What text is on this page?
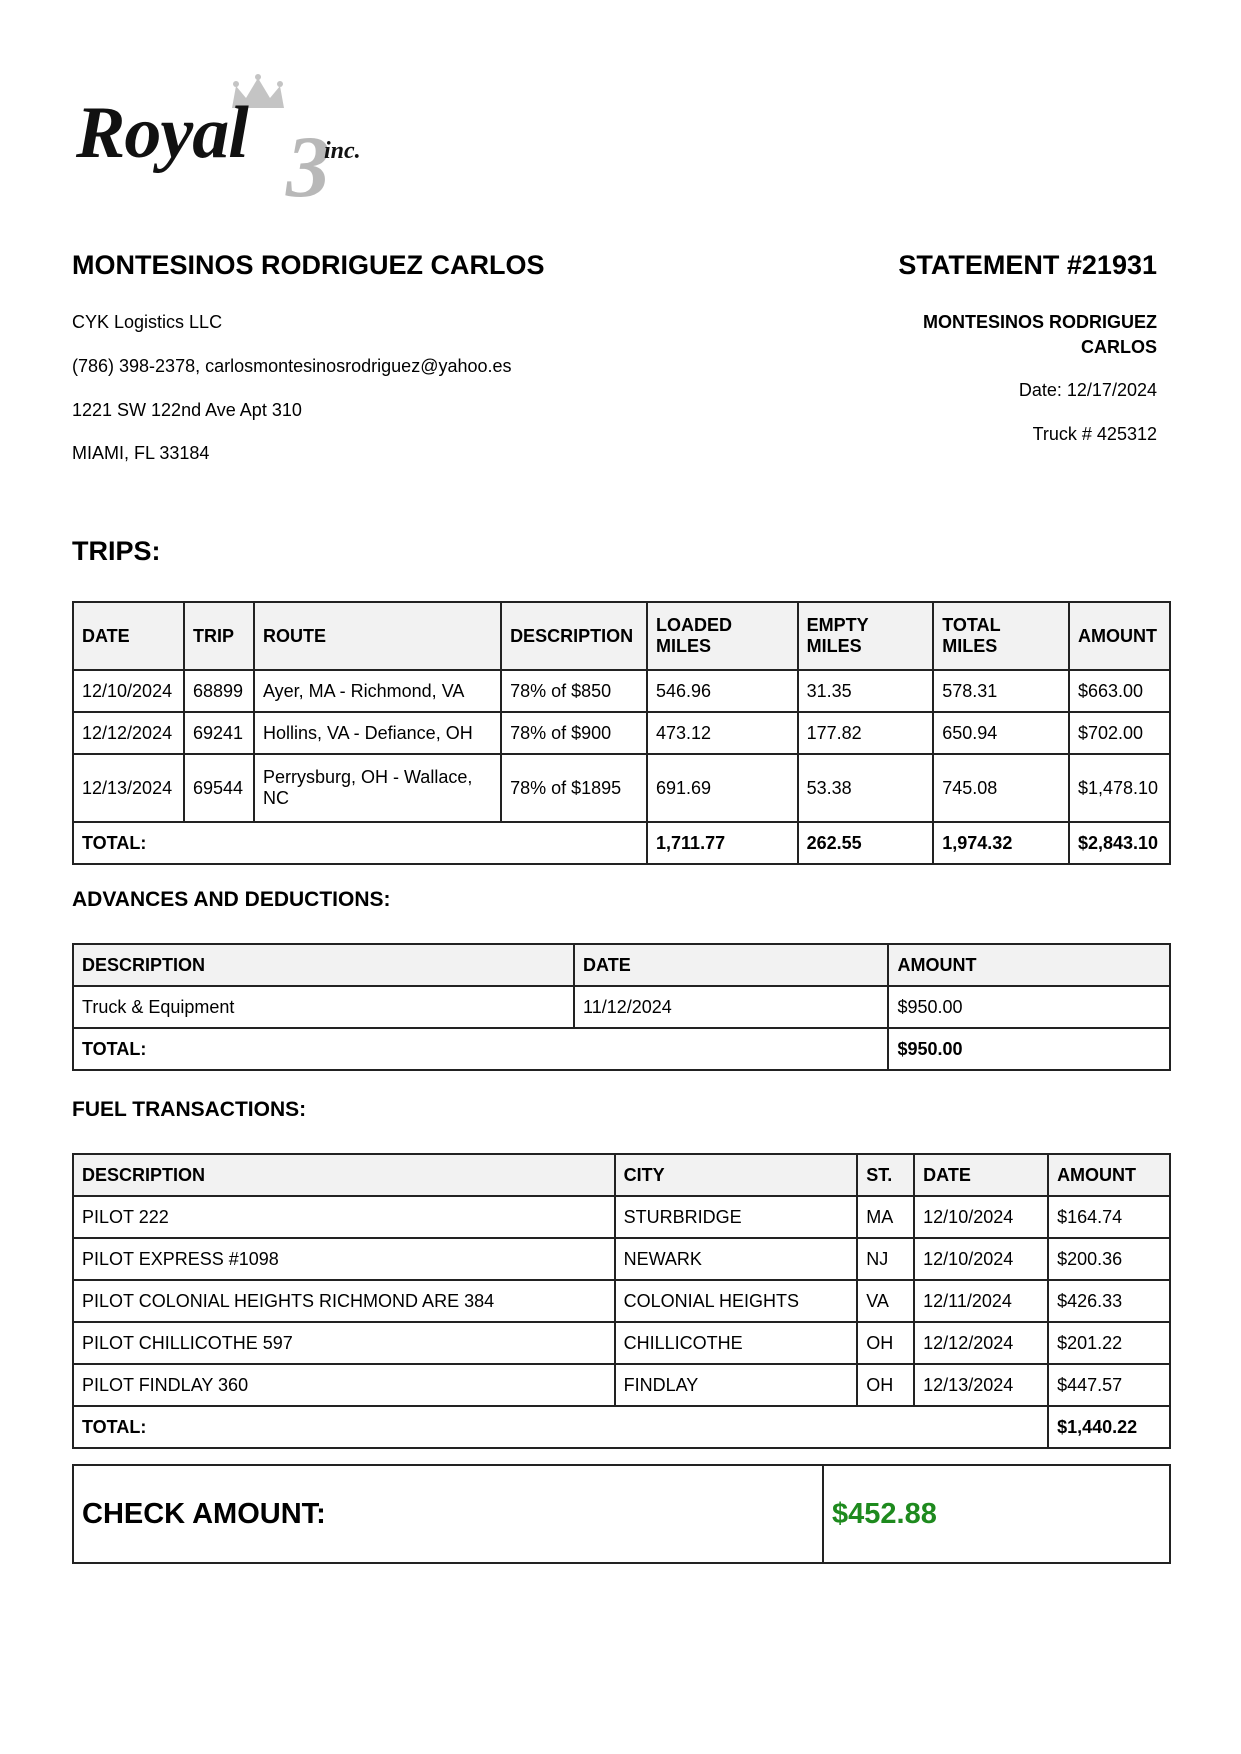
3
Royal	inc.
MONTESINOS RODRIGUEZ CARLOS	STATEMENT #21931
CYK Logistics LLC
(786) 398-2378, carlosmontesinosrodriguez@yahoo.es
1221 SW 122nd Ave Apt 310
MIAMI, FL 33184
MONTESINOS RODRIGUEZ
CARLOS
Date: 12/17/2024
Truck # 425312
TRIPS:
DATE	TRIP	ROUTE	DESCRIPTION	LOADED MILES	EMPTY MILES	TOTAL MILES	AMOUNT
12/10/2024	68899	Ayer, MA - Richmond, VA	78% of $850	546.96	31.35	578.31	$663.00
12/12/2024	69241	Hollins, VA - Defiance, OH	78% of $900	473.12	177.82	650.94	$702.00
12/13/2024	69544	Perrysburg, OH - Wallace, NC	78% of $1895	691.69	53.38	745.08	$1,478.10
TOTAL:				1,711.77	262.55	1,974.32	$2,843.10
ADVANCES AND DEDUCTIONS:
DESCRIPTION	DATE	AMOUNT
Truck & Equipment	11/12/2024	$950.00
TOTAL:		$950.00
FUEL TRANSACTIONS:
DESCRIPTION	CITY	ST.	DATE	AMOUNT
PILOT 222	STURBRIDGE	MA	12/10/2024	$164.74
PILOT EXPRESS #1098	NEWARK	NJ	12/10/2024	$200.36
PILOT COLONIAL HEIGHTS RICHMOND ARE 384	COLONIAL HEIGHTS	VA	12/11/2024	$426.33
PILOT CHILLICOTHE 597	CHILLICOTHE	OH	12/12/2024	$201.22
PILOT FINDLAY 360	FINDLAY	OH	12/13/2024	$447.57
TOTAL:				$1,440.22
CHECK AMOUNT:	$452.88
